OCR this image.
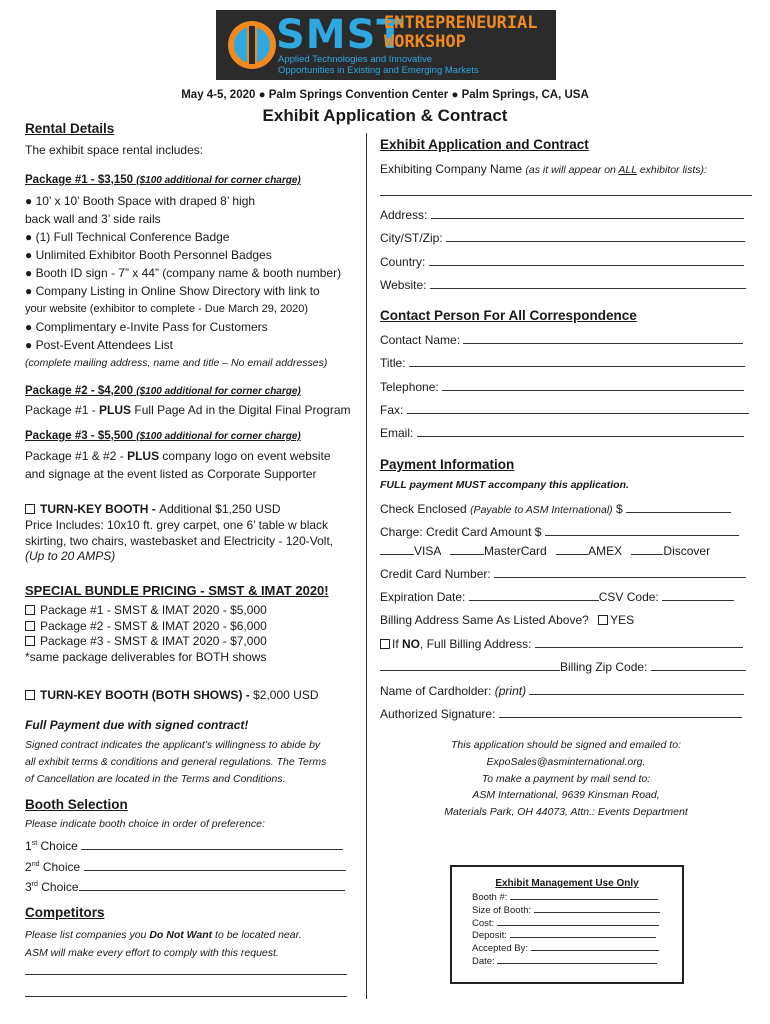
SMST
ENTREPRENEURIAL
WORKSHOP
Applied Technologies and Innovative
Opportunities in Existing and Emerging Markets
May 4-5, 2020 ● Palm Springs Convention Center ● Palm Springs, CA, USA
Exhibit Application & Contract
Rental Details
The exhibit space rental includes:
Package #1 - $3,150 ($100 additional for corner charge)
● 10’ x 10’ Booth Space with draped 8’ high
back wall and 3’ side rails
● (1) Full Technical Conference Badge
● Unlimited Exhibitor Booth Personnel Badges
● Booth ID sign - 7” x 44” (company name & booth number)
● Company Listing in Online Show Directory with link to
your website (exhibitor to complete - Due March 29, 2020)
● Complimentary e-Invite Pass for Customers
● Post-Event Attendees List
(complete mailing address, name and title – No email addresses)
Package #2 - $4,200 ($100 additional for corner charge)
Package #1 - PLUS Full Page Ad in the Digital Final Program
Package #3 - $5,500 ($100 additional for corner charge)
Package #1 & #2 - PLUS company logo on event website
and signage at the event listed as Corporate Supporter
TURN-KEY BOOTH - Additional $1,250 USD
Price Includes: 10x10 ft. grey carpet, one 6’ table w black
skirting, two chairs, wastebasket and Electricity - 120-Volt,
(Up to 20 AMPS)
SPECIAL BUNDLE PRICING - SMST & IMAT 2020!
Package #1 - SMST & IMAT 2020 - $5,000
Package #2 - SMST & IMAT 2020 - $6,000
Package #3 - SMST & IMAT 2020 - $7,000
*same package deliverables for BOTH shows
TURN-KEY BOOTH (BOTH SHOWS) - $2,000 USD
Full Payment due with signed contract!
Signed contract indicates the applicant’s willingness to abide by
all exhibit terms & conditions and general regulations. The Terms
of Cancellation are located in the Terms and Conditions.
Booth Selection
Please indicate booth choice in order of preference:
1st Choice
2nd Choice
3rd Choice
Competitors
Please list companies you Do Not Want to be located near.
ASM will make every effort to comply with this request.
Exhibit Application and Contract
Exhibiting Company Name (as it will appear on ALL exhibitor lists):
Address:
City/ST/Zip:
Country:
Website:
Contact Person For All Correspondence
Contact Name:
Title:
Telephone:
Fax:
Email:
Payment Information
FULL payment MUST accompany this application.
Check Enclosed (Payable to ASM International) $
Charge: Credit Card Amount $
VISA	MasterCard	AMEX	Discover
Credit Card Number:
Expiration Date:	CSV Code:
Billing Address Same As Listed Above? YES
If NO, Full Billing Address:
Billing Zip Code:
Name of Cardholder: (print)
Authorized Signature:
This application should be signed and emailed to:
ExpoSales@asminternational.org.
To make a payment by mail send to:
ASM International, 9639 Kinsman Road,
Materials Park, OH 44073, Attn.: Events Department
Exhibit Management Use Only
Booth #:
Size of Booth:
Cost:
Deposit:
Accepted By:
Date:
